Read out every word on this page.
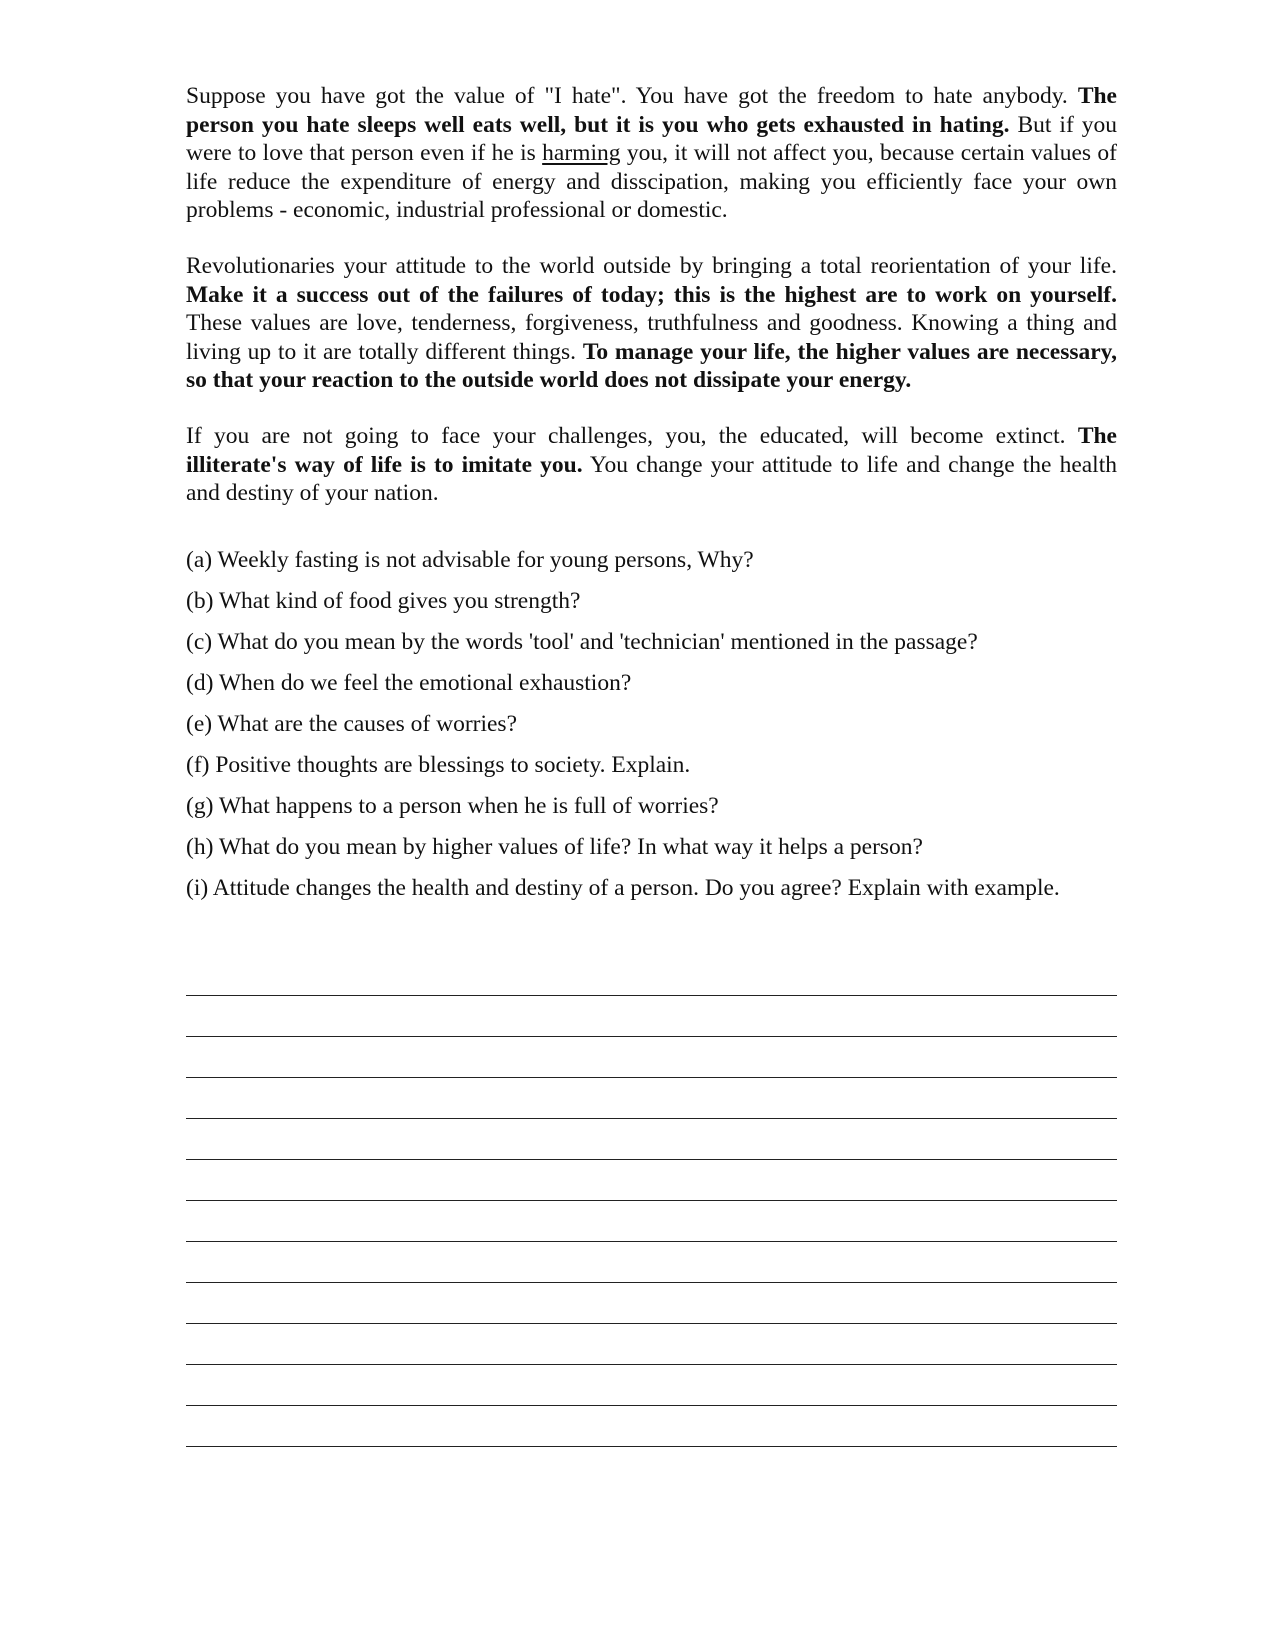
Suppose you have got the value of "I hate". You have got the freedom to hate anybody. The person you hate sleeps well eats well, but it is you who gets exhausted in hating. But if you were to love that person even if he is harming you, it will not affect you, because certain values of life reduce the expenditure of energy and disscipation, making you efficiently face your own problems - economic, industrial professional or domestic.

Revolutionaries your attitude to the world outside by bringing a total reorientation of your life. Make it a success out of the failures of today; this is the highest are to work on yourself. These values are love, tenderness, forgiveness, truthfulness and goodness. Knowing a thing and living up to it are totally different things. To manage your life, the higher values are necessary, so that your reaction to the outside world does not dissipate your energy.

If you are not going to face your challenges, you, the educated, will become extinct. The illiterate's way of life is to imitate you. You change your attitude to life and change the health and destiny of your nation.

(a) Weekly fasting is not advisable for young persons, Why?
(b) What kind of food gives you strength?
(c) What do you mean by the words 'tool' and 'technician' mentioned in the passage?
(d) When do we feel the emotional exhaustion?
(e) What are the causes of worries?
(f) Positive thoughts are blessings to society. Explain.
(g) What happens to a person when he is full of worries?
(h) What do you mean by higher values of life? In what way it helps a person?
(i) Attitude changes the health and destiny of a person. Do you agree? Explain with example.
